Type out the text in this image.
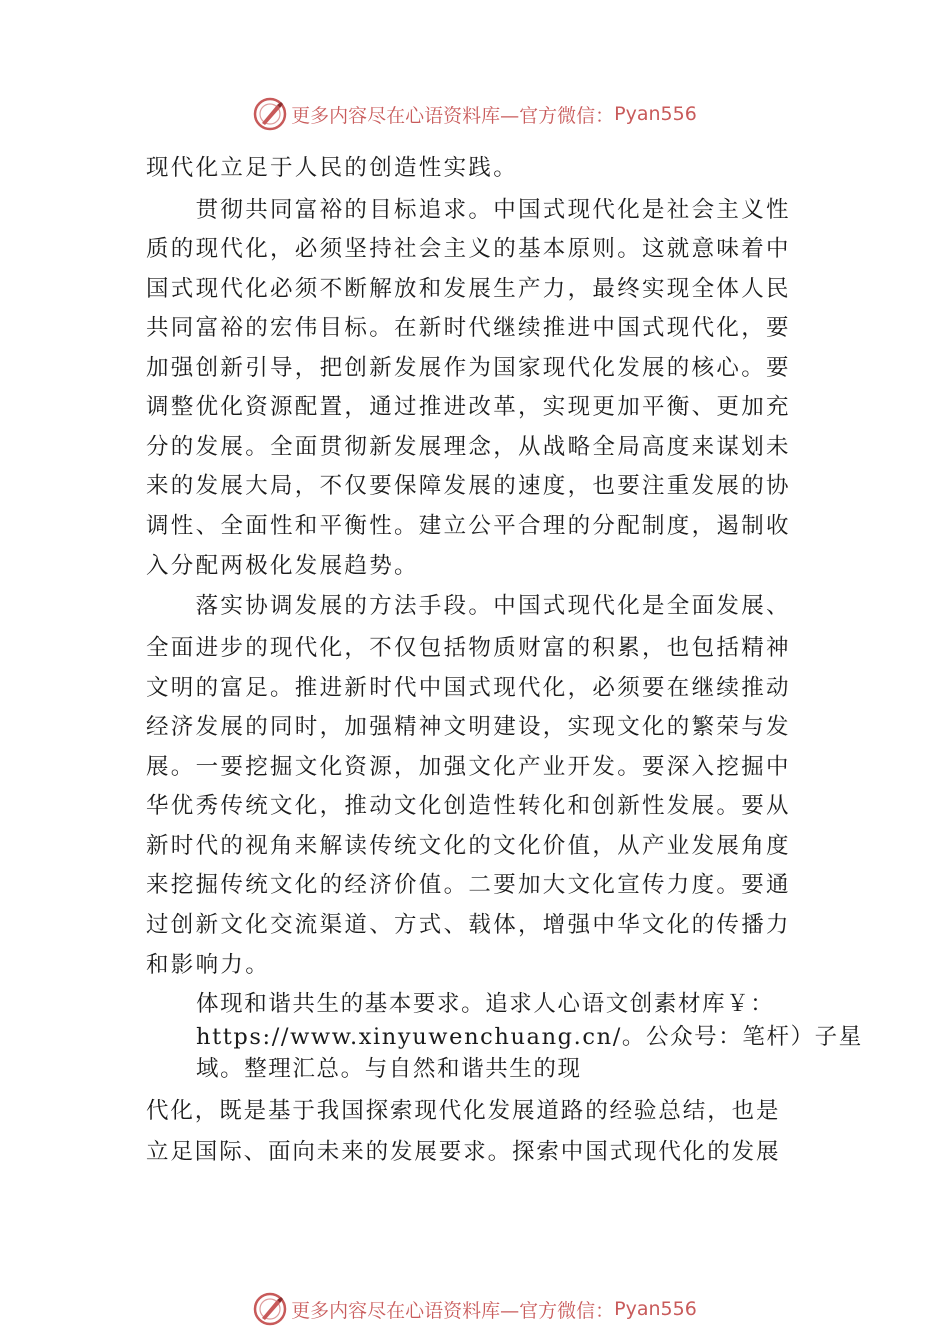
更多内容尽在心语资料库—官方微信： Pyan556
现代化立足于人民的创造性实践。
　　贯彻共同富裕的目标追求。中国式现代化是社会主义性
质的现代化，必须坚持社会主义的基本原则。这就意味着中
国式现代化必须不断解放和发展生产力，最终实现全体人民
共同富裕的宏伟目标。在新时代继续推进中国式现代化，要
加强创新引导，把创新发展作为国家现代化发展的核心。要
调整优化资源配置，通过推进改革，实现更加平衡、更加充
分的发展。全面贯彻新发展理念，从战略全局高度来谋划未
来的发展大局，不仅要保障发展的速度，也要注重发展的协
调性、全面性和平衡性。建立公平合理的分配制度，遏制收
入分配两极化发展趋势。
　　落实协调发展的方法手段。中国式现代化是全面发展、
全面进步的现代化，不仅包括物质财富的积累，也包括精神
文明的富足。推进新时代中国式现代化，必须要在继续推动
经济发展的同时，加强精神文明建设，实现文化的繁荣与发
展。一要挖掘文化资源，加强文化产业开发。要深入挖掘中
华优秀传统文化，推动文化创造性转化和创新性发展。要从
新时代的视角来解读传统文化的文化价值，从产业发展角度
来挖掘传统文化的经济价值。二要加大文化宣传力度。要通
过创新文化交流渠道、方式、载体，增强中华文化的传播力
和影响力。
体现和谐共生的基本要求。追求人心语文创素材库￥：
https://www.xinyuwenchuang.cn/。公众号：笔杆）子星
域。整理汇总。与自然和谐共生的现
代化，既是基于我国探索现代化发展道路的经验总结，也是
立足国际、面向未来的发展要求。探索中国式现代化的发展
更多内容尽在心语资料库—官方微信： Pyan556
